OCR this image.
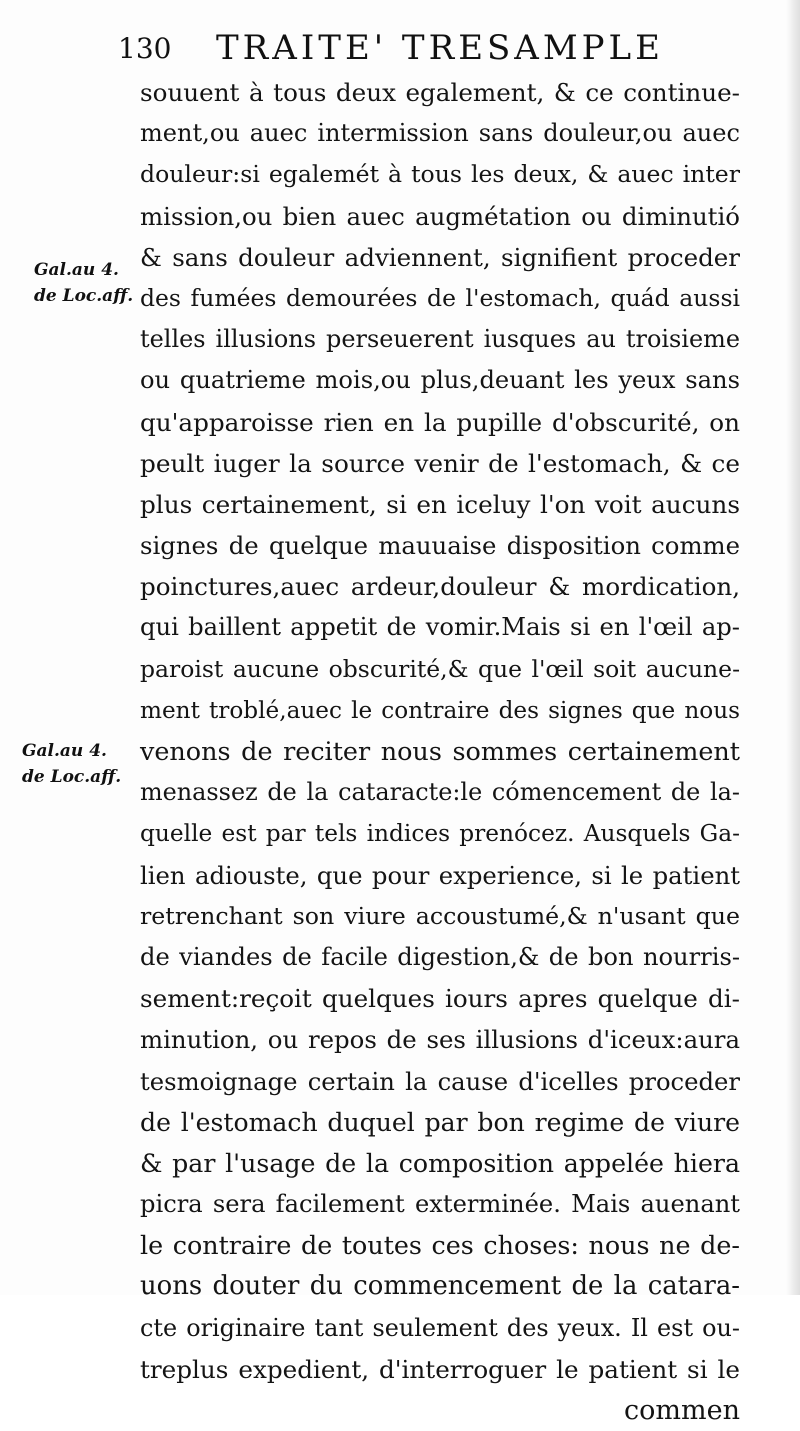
130 TRAITE' TRESAMPLE
Gal.au 4.
de Loc.aff.
Gal.au 4.
de Loc.aff.
souuent à tous deux egalement, & ce continue-
ment,ou auec intermission sans douleur,ou auec
douleur:si egalemét à tous les deux, & auec inter
mission,ou bien auec augmétation ou diminutió
& sans douleur adviennent, signifient proceder
des fumées demourées de l'estomach, quád aussi
telles illusions perseuerent iusques au troisieme
ou quatrieme mois,ou plus,deuant les yeux sans
qu'apparoisse rien en la pupille d'obscurité, on
peult iuger la source venir de l'estomach, & ce
plus certainement, si en iceluy l'on voit aucuns
signes de quelque mauuaise disposition comme
poinctures,auec ardeur,douleur & mordication,
qui baillent appetit de vomir.Mais si en l'œil ap-
paroist aucune obscurité,& que l'œil soit aucune-
ment troblé,auec le contraire des signes que nous
venons de reciter nous sommes certainement
menassez de la cataracte:le cómencement de la-
quelle est par tels indices prenócez. Ausquels Ga-
lien adiouste, que pour experience, si le patient
retrenchant son viure accoustumé,& n'usant que
de viandes de facile digestion,& de bon nourris-
sement:reçoit quelques iours apres quelque di-
minution, ou repos de ses illusions d'iceux:aura
tesmoignage certain la cause d'icelles proceder
de l'estomach duquel par bon regime de viure
& par l'usage de la composition appelée hiera
picra sera facilement exterminée. Mais auenant
le contraire de toutes ces choses: nous ne de-
uons douter du commencement de la catara-
cte originaire tant seulement des yeux. Il est ou-
treplus expedient, d'interroguer le patient si le
commen
